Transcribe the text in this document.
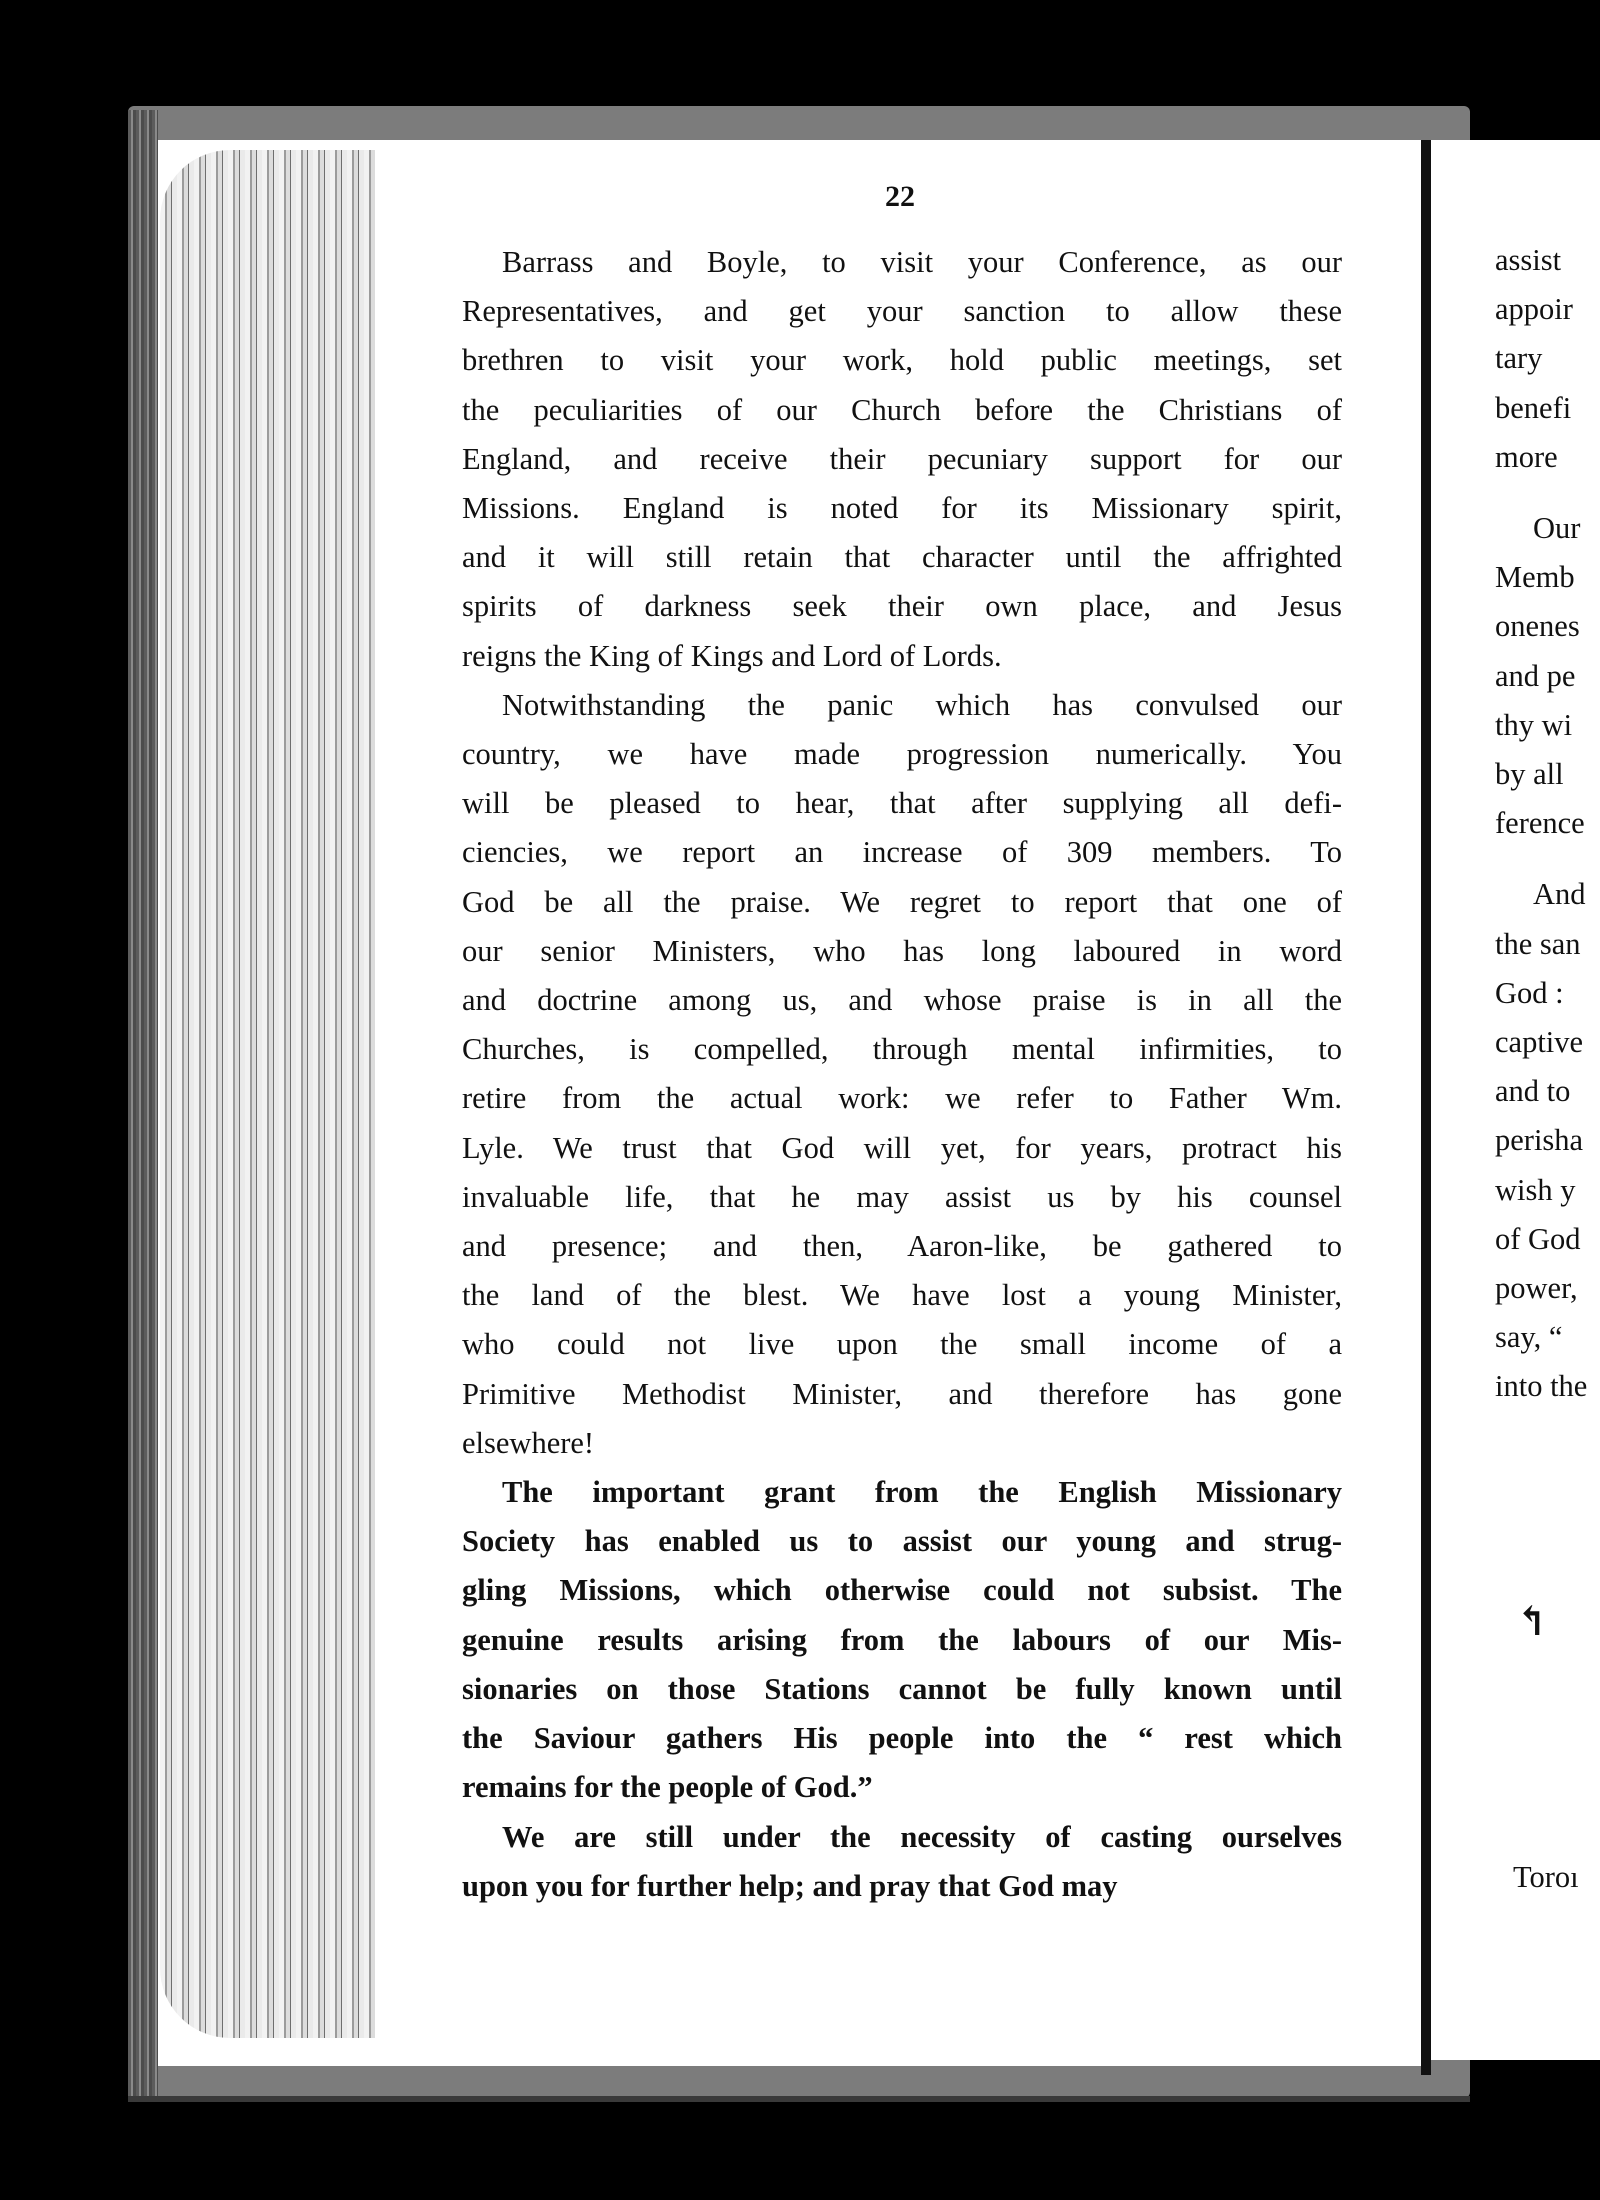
22
Barrass and Boyle, to visit your Conference, as our
Representatives, and get your sanction to allow these
brethren to visit your work, hold public meetings, set
the peculiarities of our Church before the Christians of
England, and receive their pecuniary support for our
Missions. England is noted for its Missionary spirit,
and it will still retain that character until the affrighted
spirits of darkness seek their own place, and Jesus
reigns the King of Kings and Lord of Lords.
Notwithstanding the panic which has convulsed our
country, we have made progression numerically. You
will be pleased to hear, that after supplying all defi-
ciencies, we report an increase of 309 members. To
God be all the praise. We regret to report that one of
our senior Ministers, who has long laboured in word
and doctrine among us, and whose praise is in all the
Churches, is compelled, through mental infirmities, to
retire from the actual work: we refer to Father Wm.
Lyle. We trust that God will yet, for years, protract his
invaluable life, that he may assist us by his counsel
and presence; and then, Aaron-like, be gathered to
the land of the blest. We have lost a young Minister,
who could not live upon the small income of a
Primitive Methodist Minister, and therefore has gone
elsewhere!
The important grant from the English Missionary
Society has enabled us to assist our young and strug-
gling Missions, which otherwise could not subsist. The
genuine results arising from the labours of our Mis-
sionaries on those Stations cannot be fully known until
the Saviour gathers His people into the “ rest which
remains for the people of God.”
We are still under the necessity of casting ourselves
upon you for further help; and pray that God may
assist
appoir
tary
benefi
more
Our
Memb
onenes
and pe
thy wi
by all
ference
And
the san
God :
captive
and to
perisha
wish y
of God
power,
say, “
into the
↰
Toroı
